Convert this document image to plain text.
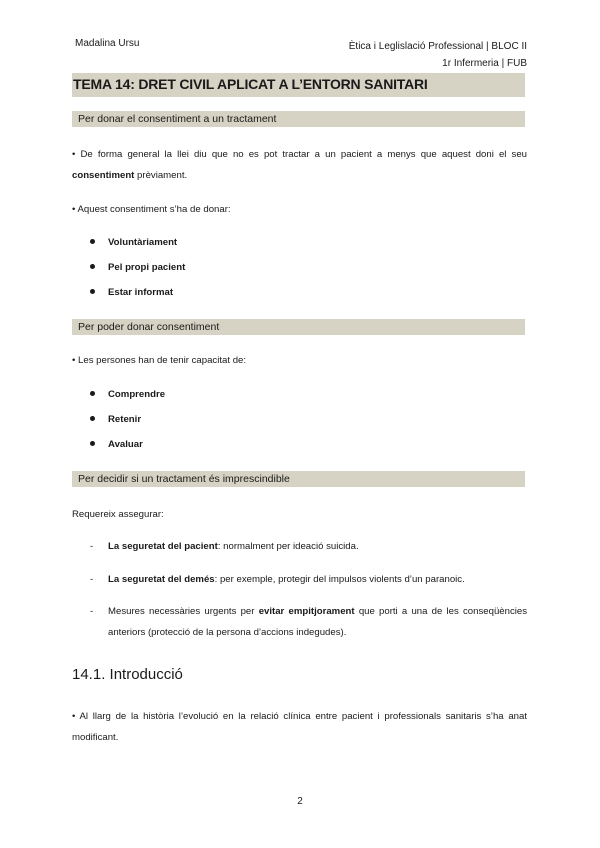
Madalina Ursu	Ètica i Leglislació Professional | BLOC II
1r Infermeria | FUB
TEMA 14: DRET CIVIL APLICAT A L’ENTORN SANITARI
Per donar el consentiment a un tractament
• De forma general la llei diu que no es pot tractar a un pacient a menys que aquest doni el seu consentiment prèviament.
• Aquest consentiment s’ha de donar:
Voluntàriament
Pel propi pacient
Estar informat
Per poder donar consentiment
• Les persones han de tenir capacitat de:
Comprendre
Retenir
Avaluar
Per decidir si un tractament és imprescindible
Requereix assegurar:
-	La seguretat del pacient: normalment per ideació suicida.
-	La seguretat del demés: per exemple, protegir del impulsos violents d’un paranoic.
-	Mesures necessàries urgents per evitar empitjorament que porti a una de les conseqüències anteriors (protecció de la persona d’accions indegudes).
14.1. Introducció
• Al llarg de la història l’evolució en la relació clínica entre pacient i professionals sanitaris s’ha anat modificant.
2
